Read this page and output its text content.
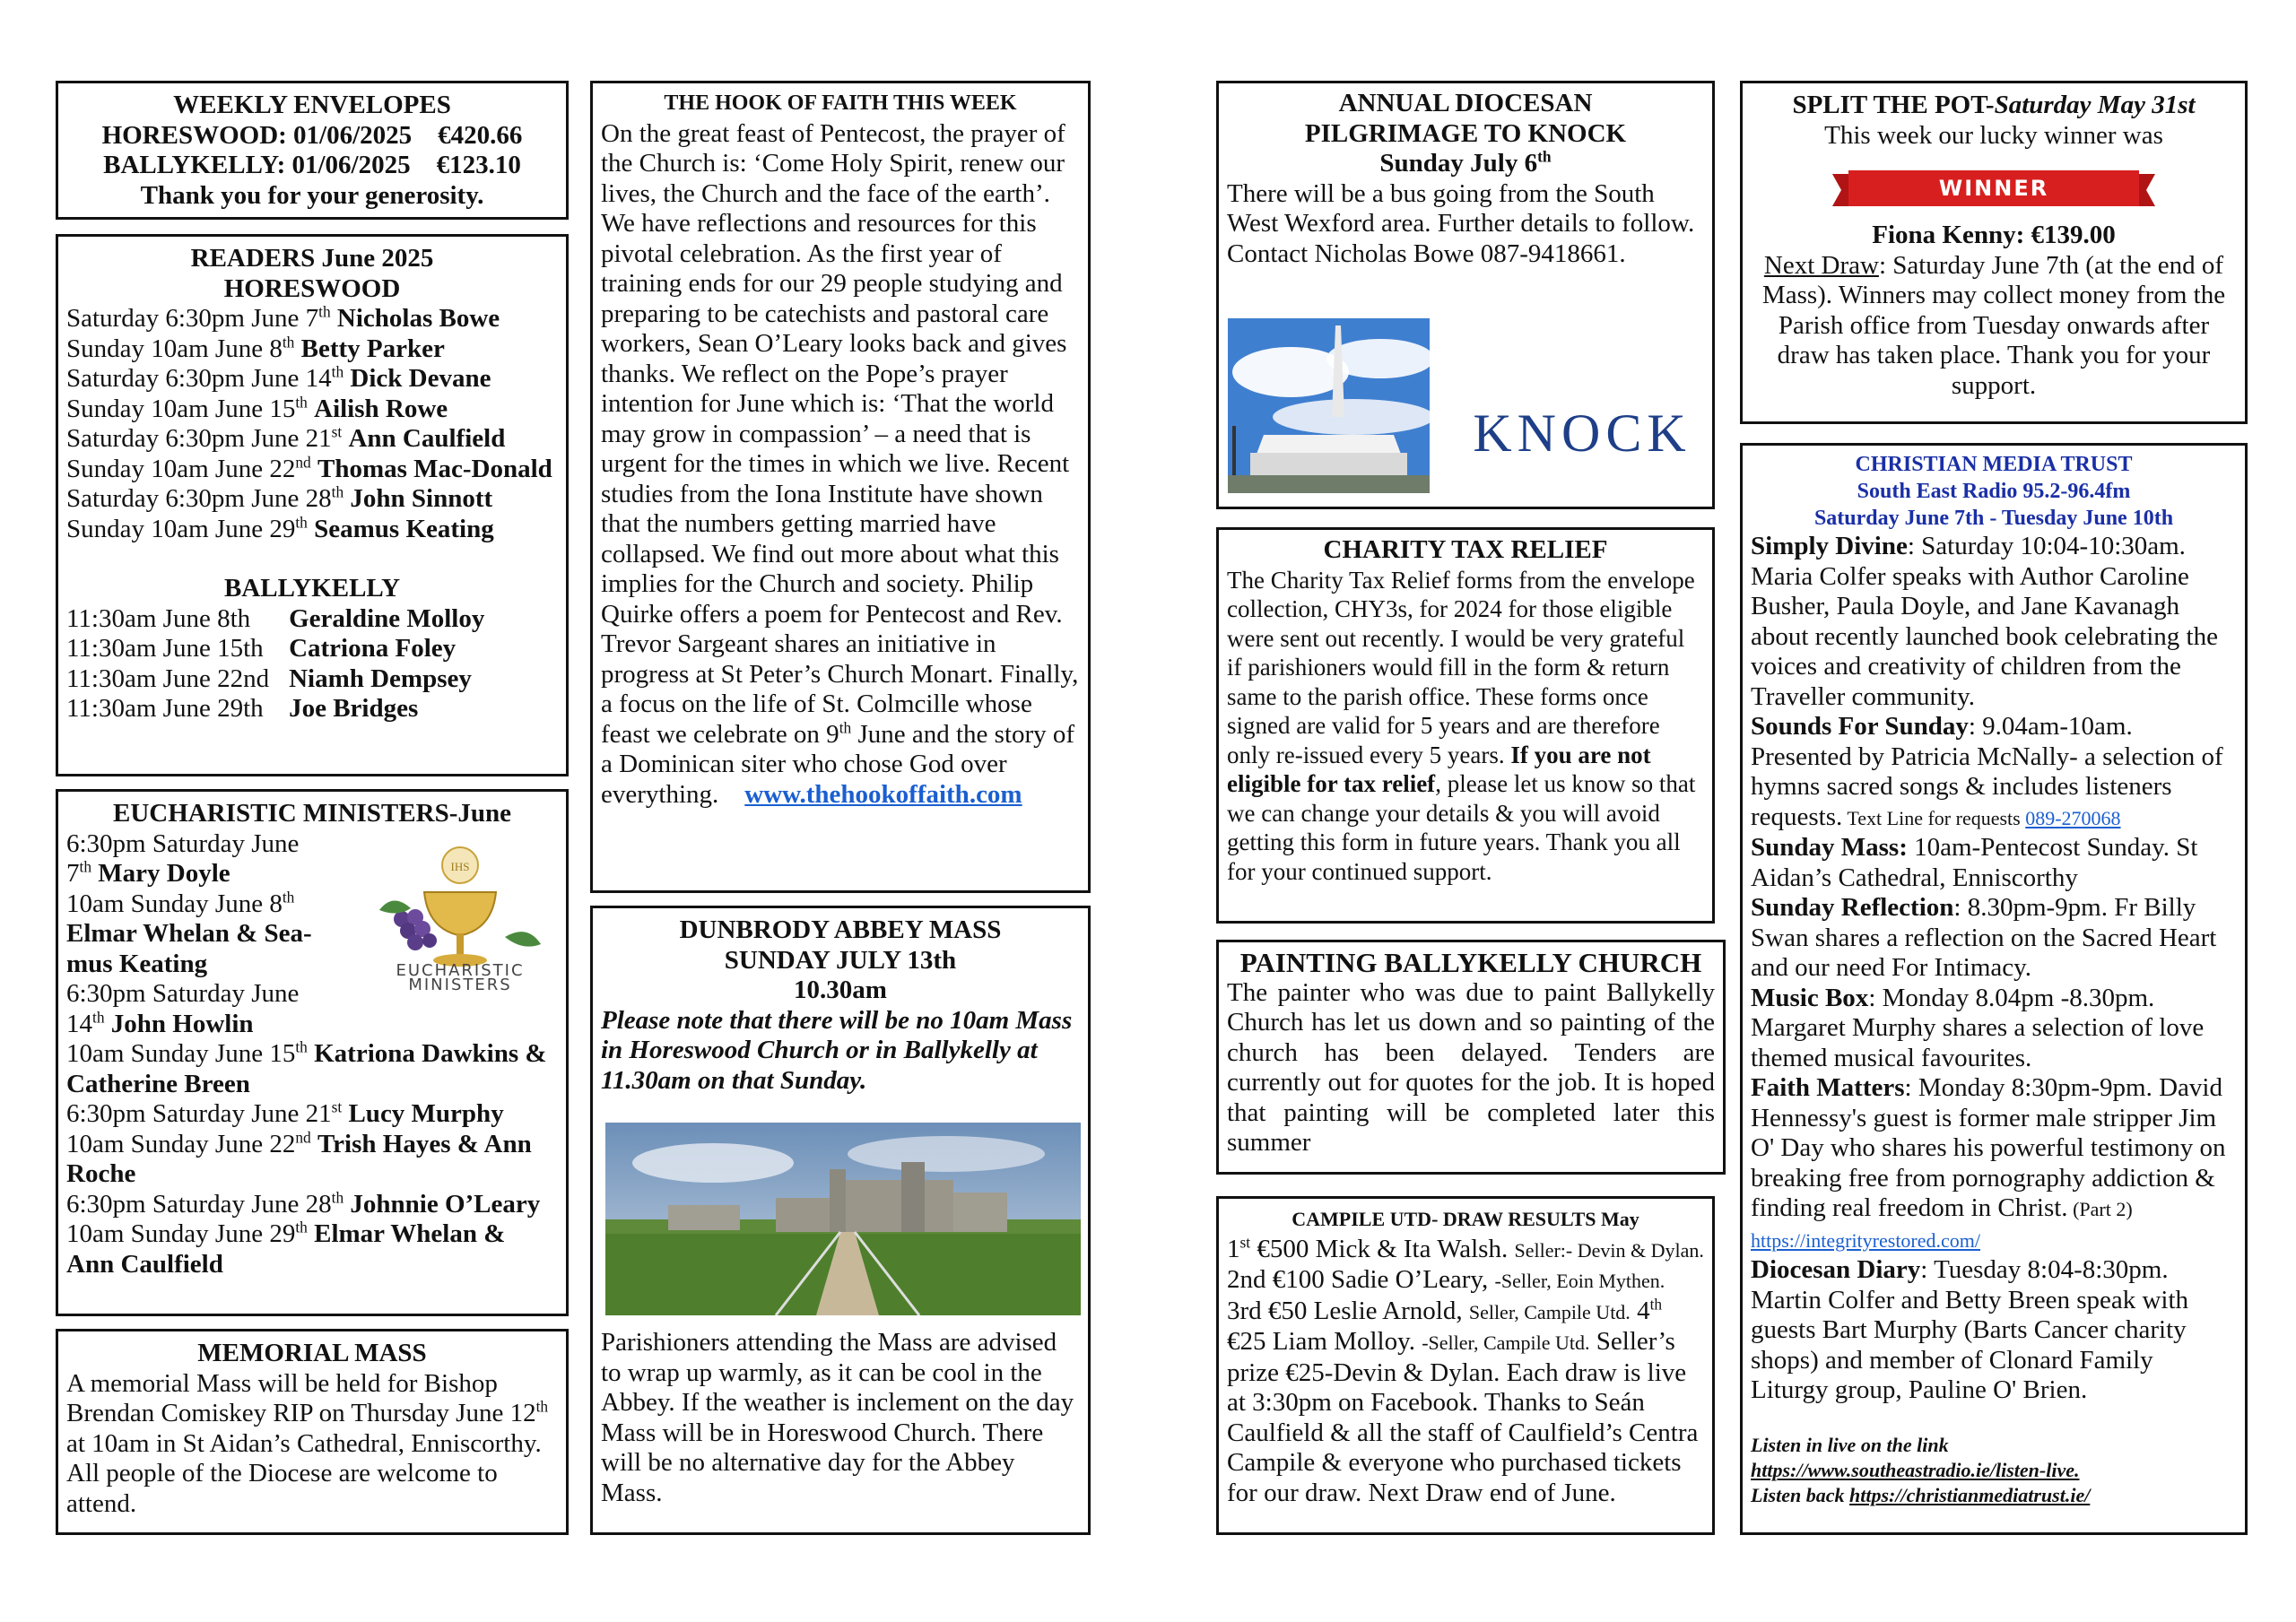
WEEKLY ENVELOPES
HORESWOOD: 01/06/2025 €420.66
BALLYKELLY: 01/06/2025 €123.10
Thank you for your generosity.
READERS June 2025
HORESWOOD
Saturday 6:30pm June 7th Nicholas Bowe
Sunday 10am June 8th Betty Parker
Saturday 6:30pm June 14th Dick Devane
Sunday 10am June 15th Ailish Rowe
Saturday 6:30pm June 21st Ann Caulfield
Sunday 10am June 22nd Thomas Mac-Donald
Saturday 6:30pm June 28th John Sinnott
Sunday 10am June 29th Seamus Keating
BALLYKELLY
11:30am June 8th	Geraldine Molloy
11:30am June 15th	Catriona Foley
11:30am June 22nd	Niamh Dempsey
11:30am June 29th	Joe Bridges
EUCHARISTIC MINISTERS-June
IHS
EUCHARISTIC MINISTERS
6:30pm Saturday June
7th Mary Doyle
10am Sunday June 8th
Elmar Whelan & Sea-mus Keating
6:30pm Saturday June
14th John Howlin
10am Sunday June 15th Katriona Dawkins & Catherine Breen
6:30pm Saturday June 21st Lucy Murphy
10am Sunday June 22nd Trish Hayes & Ann Roche
6:30pm Saturday June 28th Johnnie O’Leary
10am Sunday June 29th Elmar Whelan & Ann Caulfield
MEMORIAL MASS
A memorial Mass will be held for Bishop Brendan Comiskey RIP on Thursday June 12th at 10am in St Aidan’s Cathedral, Enniscorthy. All people of the Diocese are welcome to attend.
THE HOOK OF FAITH THIS WEEK
On the great feast of Pentecost, the prayer of the Church is: ‘Come Holy Spirit, renew our lives, the Church and the face of the earth’. We have reflections and resources for this pivotal celebration. As the first year of training ends for our 29 people studying and preparing to be catechists and pastoral care workers, Sean O’Leary looks back and gives thanks. We reflect on the Pope’s prayer intention for June which is: ‘That the world may grow in compassion’ – a need that is urgent for the times in which we live. Recent studies from the Iona Institute have shown that the numbers getting married have collapsed. We find out more about what this implies for the Church and society. Philip Quirke offers a poem for Pentecost and Rev. Trevor Sargeant shares an initiative in progress at St Peter’s Church Monart. Finally, a focus on the life of St. Colmcille whose feast we celebrate on 9th June and the story of a Dominican siter who chose God over everything. www.thehookoffaith.com
DUNBRODY ABBEY MASS
SUNDAY JULY 13th
10.30am
Please note that there will be no 10am Mass in Horeswood Church or in Ballykelly at 11.30am on that Sunday.
Parishioners attending the Mass are advised to wrap up warmly, as it can be cool in the Abbey. If the weather is inclement on the day Mass will be in Horeswood Church. There will be no alternative day for the Abbey Mass.
ANNUAL DIOCESAN
PILGRIMAGE TO KNOCK
Sunday July 6th
There will be a bus going from the South West Wexford area. Further details to follow. Contact Nicholas Bowe 087-9418661.
KNOCK
CHARITY TAX RELIEF
The Charity Tax Relief forms from the envelope collection, CHY3s, for 2024 for those eligible were sent out recently. I would be very grateful if parishioners would fill in the form & return same to the parish office. These forms once signed are valid for 5 years and are therefore only re-issued every 5 years. If you are not eligible for tax relief, please let us know so that we can change your details & you will avoid getting this form in future years. Thank you all for your continued support.
PAINTING BALLYKELLY CHURCH
The painter who was due to paint Ballykelly Church has let us down and so painting of the church has been delayed. Tenders are currently out for quotes for the job. It is hoped that painting will be completed later this summer
CAMPILE UTD- DRAW RESULTS May
1st €500 Mick & Ita Walsh. Seller:- Devin & Dylan. 2nd €100 Sadie O’Leary, -Seller, Eoin Mythen. 3rd €50 Leslie Arnold, Seller, Campile Utd. 4th €25 Liam Molloy. -Seller, Campile Utd. Seller’s prize €25-Devin & Dylan. Each draw is live at 3:30pm on Facebook. Thanks to Seán Caulfield & all the staff of Caulfield’s Centra Campile & everyone who purchased tickets for our draw. Next Draw end of June.
SPLIT THE POT-Saturday May 31st
This week our lucky winner was
WINNER
Fiona Kenny: €139.00
Next Draw: Saturday June 7th (at the end of Mass). Winners may collect money from the Parish office from Tuesday onwards after draw has taken place. Thank you for your support.
CHRISTIAN MEDIA TRUST
South East Radio 95.2-96.4fm
Saturday June 7th - Tuesday June 10th
Simply Divine: Saturday 10:04-10:30am. Maria Colfer speaks with Author Caroline Busher, Paula Doyle, and Jane Kavanagh about recently launched book celebrating the voices and creativity of children from the Traveller community.
Sounds For Sunday: 9.04am-10am. Presented by Patricia McNally- a selection of hymns sacred songs & includes listeners requests. Text Line for requests 089-270068
Sunday Mass: 10am-Pentecost Sunday. St Aidan’s Cathedral, Enniscorthy
Sunday Reflection: 8.30pm-9pm. Fr Billy Swan shares a reflection on the Sacred Heart and our need For Intimacy.
Music Box: Monday 8.04pm -8.30pm. Margaret Murphy shares a selection of love themed musical favourites.
Faith Matters: Monday 8:30pm-9pm. David Hennessy's guest is former male stripper Jim O' Day who shares his powerful testimony on breaking free from pornography addiction & finding real freedom in Christ. (Part 2) https://integrityrestored.com/
Diocesan Diary: Tuesday 8:04-8:30pm. Martin Colfer and Betty Breen speak with guests Bart Murphy (Barts Cancer charity shops) and member of Clonard Family Liturgy group, Pauline O' Brien.
Listen in live on the link https://www.southeastradio.ie/listen-live.
Listen back https://christianmediatrust.ie/
